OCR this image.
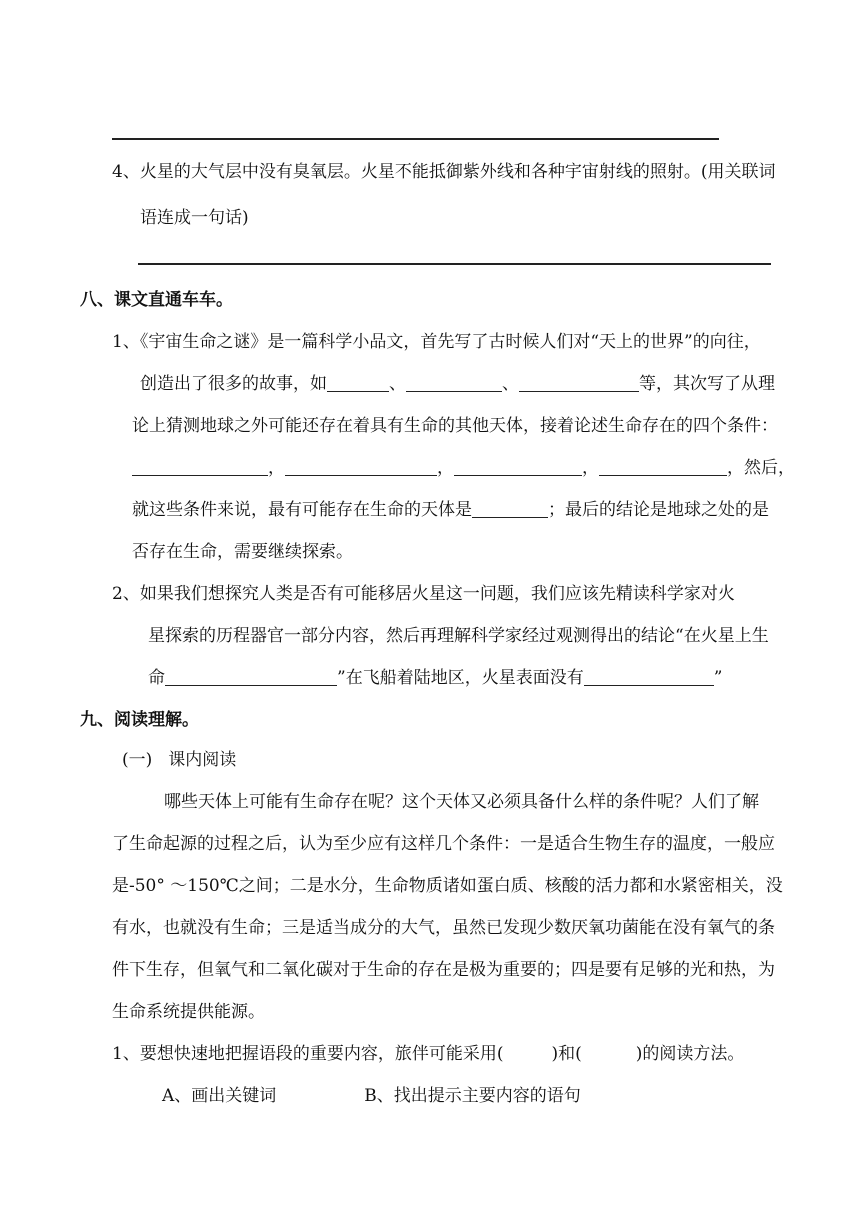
4、火星的大气层中没有臭氧层。火星不能抵御紫外线和各种宇宙射线的照射。(用关联词
语连成一句话)
八、课文直通车车。
1、《宇宙生命之谜》是一篇科学小品文，首先写了古时候人们对“天上的世界”的向往，
创造出了很多的故事，如	、	、	等，其次写了从理
论上猜测地球之外可能还存在着具有生命的其他天体，接着论述生命存在的四个条件：
，	，	，	，然后，
就这些条件来说，最有可能存在生命的天体是	；最后的结论是地球之处的是
否存在生命，需要继续探索。
2、如果我们想探究人类是否有可能移居火星这一问题，我们应该先精读科学家对火
星探索的历程器官一部分内容，然后再理解科学家经过观测得出的结论“在火星上生
命	”在飞船着陆地区，火星表面没有	”
九、阅读理解。
(一) 课内阅读
哪些天体上可能有生命存在呢？这个天体又必须具备什么样的条件呢？人们了解
了生命起源的过程之后，认为至少应有这样几个条件：一是适合生物生存的温度，一般应
是-50° ～150℃之间；二是水分，生命物质诸如蛋白质、核酸的活力都和水紧密相关，没
有水，也就没有生命；三是适当成分的大气，虽然已发现少数厌氧功菌能在没有氧气的条
件下生存，但氧气和二氧化碳对于生命的存在是极为重要的；四是要有足够的光和热，为
生命系统提供能源。
1、要想快速地把握语段的重要内容，旅伴可能采用(	)和(	)的阅读方法。
A、画出关键词	B、找出提示主要内容的语句
